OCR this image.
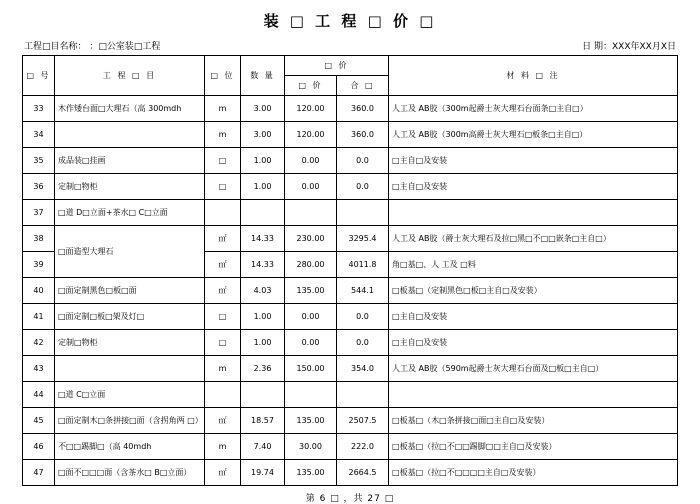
装 □ 工 程 □ 价 □
工程□目名称： ：□公室装□工程	日 期：XXX年XX月X日
□ 号	工 程 □ 目	□ 位	数 量	□ 价		材 料 □ 注
				□ 价	合 □	
33	木作矮台面□大理石（高 300mdh	m	3.00	120.00	360.0	人工及 AB胶（300m起爵士灰大理石台面条□主自□）
34		m	3.00	120.00	360.0	人工及 AB胶（300m高爵士灰大理石□板条□主自□）
35	成品装□挂画	□	1.00	0.00	0.0	□主自□及安装
36	定制□物柜	□	1.00	0.00	0.0	□主自□及安装
37	□道 D□立面+茶水□ C□立面					
38	□面造型大理石	㎡	14.33	230.00	3295.4	人工及 AB胶（爵士灰大理石及拉□黑□不□□嵌条□主自□）
39		㎡	14.33	280.00	4011.8	角□基□、人 工及 □料
40	□面定制黑色□板□面	㎡	4.03	135.00	544.1	□板基□（定制黑色□板□主自□及安装）
41	□面定制□板□架及灯□	□	1.00	0.00	0.0	□主自□及安装
42	定制□物柜	□	1.00	0.00	0.0	□主自□及安装
43		m	2.36	150.00	354.0	人工及 AB胶（590m起爵士灰大理石台面及□板□主自□）
44	□道 C□立面					
45	□面定制木□条拼接□面（含拐角两 □）	㎡	18.57	135.00	2507.5	□板基□（木□条拼接□面□主自□及安装）
46	不□□踢脚□（高 40mdh	m	7.40	30.00	222.0	□板基□（拉□不□□踢脚□□主自□及安装）
47	□面不□□□面（含茶水□ B□立面）	㎡	19.74	135.00	2664.5	□板基□（拉□不□□□□主自□及安装）
第 6 □ ，共 27 □
